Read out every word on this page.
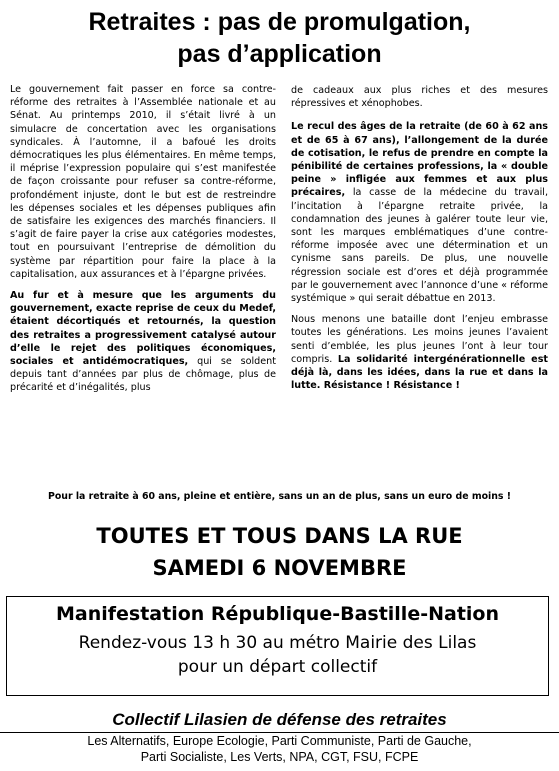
Retraites : pas de promulgation,
pas d’application

Le gouvernement fait passer en force sa contre-réforme des retraites à l’Assemblée nationale et au Sénat. Au printemps 2010, il s’était livré à un simulacre de concertation avec les organisations syndicales. À l’automne, il a bafoué les droits démocratiques les plus élémentaires. En même temps, il méprise l’expression populaire qui s’est manifestée de façon croissante pour refuser sa contre-réforme, profondément injuste, dont le but est de restreindre les dépenses sociales et les dépenses publiques afin de satisfaire les exigences des marchés financiers. Il s’agit de faire payer la crise aux catégories modestes, tout en poursuivant l’entreprise de démolition du système par répartition pour faire la place à la capitalisation, aux assurances et à l’épargne privées.

Au fur et à mesure que les arguments du gouvernement, exacte reprise de ceux du Medef, étaient décortiqués et retournés, la question des retraites a progressivement catalysé autour d’elle le rejet des politiques économiques, sociales et antidémocratiques, qui se soldent depuis tant d’années par plus de chômage, plus de précarité et d’inégalités, plus

de cadeaux aux plus riches et des mesures répressives et xénophobes.

Le recul des âges de la retraite (de 60 à 62 ans et de 65 à 67 ans), l’allongement de la durée de cotisation, le refus de prendre en compte la pénibilité de certaines professions, la « double peine » infligée aux femmes et aux plus précaires, la casse de la médecine du travail, l’incitation à l’épargne retraite privée, la condamnation des jeunes à galérer toute leur vie, sont les marques emblématiques d’une contre-réforme imposée avec une détermination et un cynisme sans pareils. De plus, une nouvelle régression sociale est d’ores et déjà programmée par le gouvernement avec l’annonce d’une « réforme systémique » qui serait débattue en 2013.

Nous menons une bataille dont l’enjeu embrasse toutes les générations. Les moins jeunes l’avaient senti d’emblée, les plus jeunes l’ont à leur tour compris. La solidarité intergénérationnelle est déjà là, dans les idées, dans la rue et dans la lutte. Résistance ! Résistance !

Pour la retraite à 60 ans, pleine et entière, sans un an de plus, sans un euro de moins !
TOUTES ET TOUS DANS LA RUE
SAMEDI 6 NOVEMBRE
Manifestation République-Bastille-Nation
Rendez-vous 13 h 30 au métro Mairie des Lilas
pour un départ collectif
Collectif Lilasien de défense des retraites
Les Alternatifs, Europe Ecologie, Parti Communiste, Parti de Gauche,
Parti Socialiste, Les Verts, NPA, CGT, FSU, FCPE
